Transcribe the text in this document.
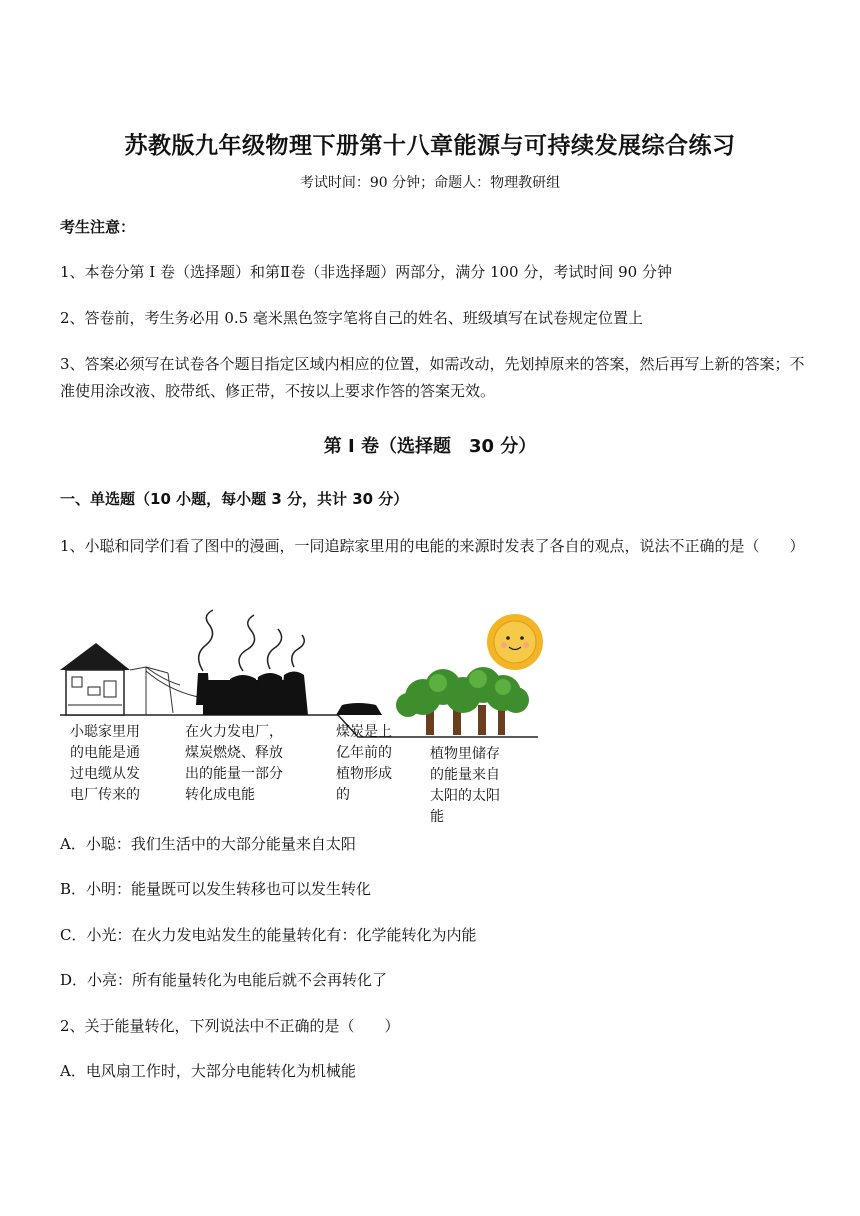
苏教版九年级物理下册第十八章能源与可持续发展综合练习
考试时间：90 分钟；命题人：物理教研组
考生注意：
1、本卷分第 I 卷（选择题）和第Ⅱ卷（非选择题）两部分，满分 100 分，考试时间 90 分钟
2、答卷前，考生务必用 0.5 毫米黑色签字笔将自己的姓名、班级填写在试卷规定位置上
3、答案必须写在试卷各个题目指定区域内相应的位置，如需改动，先划掉原来的答案，然后再写上新的答案；不准使用涂改液、胶带纸、修正带，不按以上要求作答的答案无效。
第 I 卷（选择题　30 分）
一、单选题（10 小题，每小题 3 分，共计 30 分）
1、小聪和同学们看了图中的漫画，一同追踪家里用的电能的来源时发表了各自的观点，说法不正确的是（　　）
小聪家里用
的电能是通
过电缆从发
电厂传来的
在火力发电厂，
煤炭燃烧、释放
出的能量一部分
转化成电能
煤炭是上
亿年前的
植物形成
的
植物里储存
的能量来自
太阳的太阳
能
A．小聪：我们生活中的大部分能量来自太阳
B．小明：能量既可以发生转移也可以发生转化
C．小光：在火力发电站发生的能量转化有：化学能转化为内能
D．小亮：所有能量转化为电能后就不会再转化了
2、关于能量转化，下列说法中不正确的是（　　）
A．电风扇工作时，大部分电能转化为机械能
